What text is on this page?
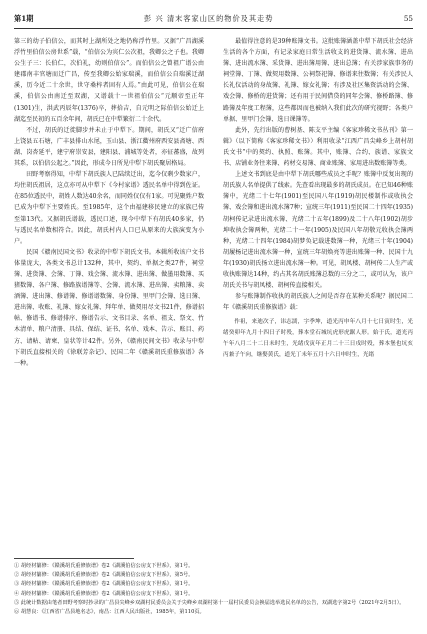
第1期	彭 兴 清末客家山区的物价及其走势	55

第三的幼子伯信公，而其时上湖所处之地仍称浮竹里。又据“广昌湖溪浮竹里伯信公房世系”载，“伯信公为宾仁公次祖，我卿公之子也。我卿公生子三：长伯仁，次伯礼，幼则伯信公”。而伯信公之曾祖广谱公由建郡南丰官塘而迁广昌，传至我卿公始家瑞溪，而伯信公自瑞溪迁湖溪，历今近二十余世，世守桑梓者固有人焉。”由此可见，伯信公在瑞溪，伯信公由南迁至双湖，又谱载十一世祖伯信公“元顺帝至正年(1301)生，洪武丙辰年(1376)卒，葬拾吉，自元明之际伯信公始迁上湖迄至民初的五百余年间，胡氏已在中犁繁衍二十余代。

不过，胡氏的迁徙脚步并未止于中犁下。期间，胡氏又“迁广信府上饶县五石塘，广丰县排山水尾，玉山县、浙江衢州府西安县斋塘、西湖、岗杏延平，建宁府崇安县，建阳县、浦城等处者，亦征蕃盛，故列其系，以伯信公起之。”因此，形成今日所见中犁下胡氏聚居格局。

田野考察得知，中犁下胡氏族人已陆续迁出，迄今仅剩少数家户，均住胡氏祖居，这点亦可从中犁下《今村家谱》透民名单中得到佐证。在85位透民中，胡姓人数达40余名，而同姓仅仅有1家。可见聚姓户数已成为中犁下主要姓氏。至1985年，这个由福建移民建立的家族已传至第13代。又据胡氏谱载，透民口述，现今中犁下有胡氏40多家，仍与透民名单数相符合。因此，胡氏村内人口已从原来的大族演变为小户。

民国《赣南民国文书》收录的中犁下胡氏文书。本辑所收该户文书体量庞大，各类文书总计132种，其中，契约、单据之类27件，祠堂簿、进货簿、会簿、丁簿、戏会簿、流水簿、进出簿、做墨用数簿、买猪数簿、各户簿、修路族谱簿等、会簿、流水簿、进出簿、卖粮簿、卖酒簿、进出簿、修谱簿、修谱谱数簿、身份簿、里甲门会簿、选日簿、进出簿、收账、礼簿、嫁女礼簿、拜年单、做契用尽文书21件，修谱招帖、修谱书、修谱排序、修谱告示、文书目录、名单、祖支、祭文、竹木清单、粮户清册、具结、保结、证书、名单、戏本、告示、账目、药方、请帖、请柬、皇状等计42件。另外，《赣南民间文书》收录与中犁下胡氏直接相关的《徐联芳杂记》、民国二年《赣溪胡氏重修族谱》各一种。

最值得注意的是39种账簿文书。这批账簿涵盖中犁下胡氏社会经济生活的各个方面，有记录家庭日常生活收支的进货簿、流水簿、进出簿、进出流水簿、采货簿、进出簿用簿、进出总簿；有关涉家族事务的祠堂簿、丁簿、做契用数簿、公祠祭祀簿、修谱来往数簿；有关涉民人长礼仪活动的身故簿、礼簿、嫁女礼簿；有涉及社区集资活动的会簿、戏会簿、修桥的进货簿；还有用于民间借贷的同年会簿、修桥路簿、修路簿及年度工程簿，这些都因而也被纳入我们此次的研究视野；各类户单据、里甲门会簿、选日课簿等。

此外，先行出版的曹树基、陈支平主编《客家珍稀文书丛刊》第一辑》（以下简称《客家珍稀文书》）利用收录“江西广昌尖峰乡上胡村胡氏文书”中的契约、执照、账簿。其中，账簿、合约、族谱、家族文书、店铺业务往来簿、药材交易簿、商业账簿、家用进出数账簿等类。

上述文书到底是由中犁下胡氏哪些成员之手呢？账簿中反复出现的胡氏族人名单提供了线索。先查看出现最多的胡氏成员。在已知46种账簿中，光绪二十七年(1901)至民国八年(1919)胡民楼制作或收执会簿、戏会簿和进出流水簿7种；宣统三年(1911)至民国二十四年(1935)胡柯传记录进出流水簿、光绪二十五年(1899)及二十八年(1902)胡步坤收执会簿两种，光绪二十一年(1905)及民国八年胡敬元收执会簿两种，光绪二十四年(1984)胡梦奂记载进数簿一种，光绪三十年(1904)胡履杨记进出流水簿一种，宣统三年胡焕亮等进出账簿一种、民国十九年(1930)胡氏扬立进出流水簿一种。可见，胡凤楼、胡柯传二人生产或收执账簿达14种，约占其名胡氏账簿总数的三分之二，或可认为，该户胡氏关书与胡凤楼、胡柯传直接相关。

参与账簿制作收执的胡氏族人之间是否存在某种关系呢？据民国二年《赣溪胡氏重修族谱》载：

作祖，来迪次子，讳志濡，字季坤，道光丙申年八月十七日寅时生，光绪癸卯年九月十四日子时殁，葬本堂石城坑虎形虎踞人形。始于氏，道光丙午年八月二十二日未时生，光绪戊寅年正月二十三日戌时殁，葬本堡也坑亥丙兼子午向，继娶黄氏，道光丁未年五月十六日申时生，光绪

① 胡经材纂修：《赣溪胡氏重修族谱》卷2《湖溪伯信公房支下世系》，第1号。
② 胡经材纂修：《赣溪胡氏重修族谱》卷2《湖溪伯信公房支下世系》，第5号。
③ 胡经材纂修：《赣溪胡氏重修族谱》卷2《湖溪伯信公房支下世系》，第1号。
④ 胡经材纂修：《赣溪胡氏重修族谱》卷2《湖溪伯信公房支下世系》，第1号。
⑤ 此统计数据由笔者田野考察时抄录的广昌县尖峰乡双湖村民委员会关于尖峰乡双湖村第十一届村民委员会换届选举选民名单的公告，双湖选字第2号（2021年2月5日）。
⑥ 胡慧良：《江西省广昌县地名志》，南昌：江西人民出版社，1985年，第110页。
